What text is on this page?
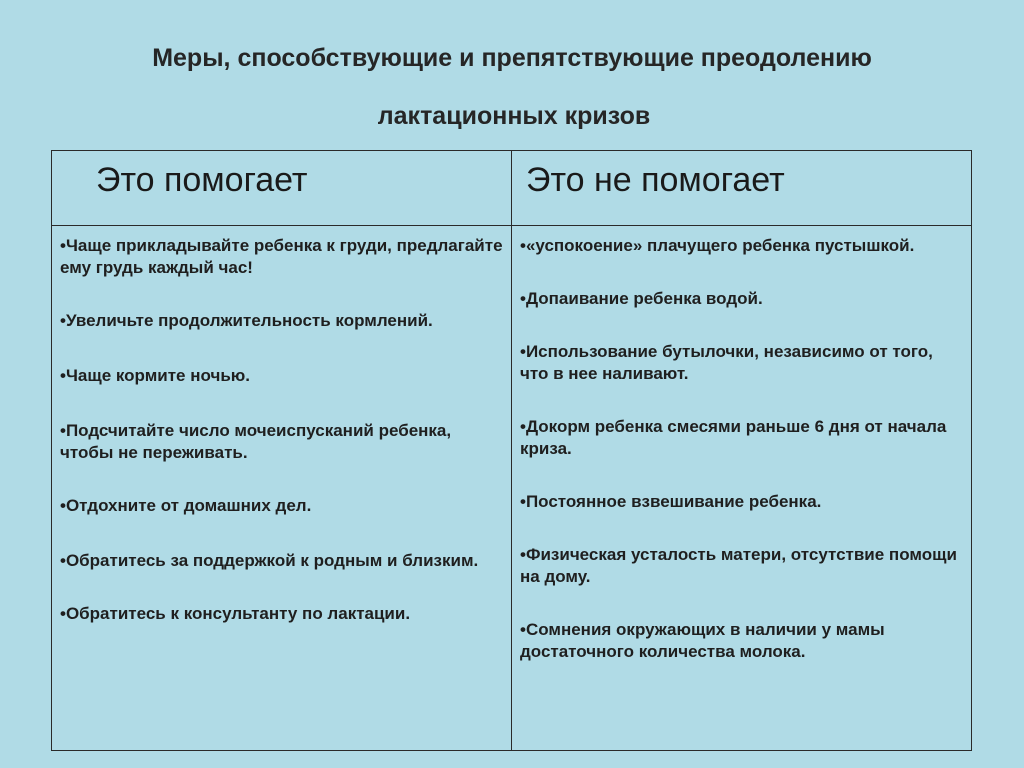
Меры, способствующие и препятствующие преодолению
лактационных кризов
Это помогает	Это не помогает
•Чаще прикладывайте ребенка к груди, предлагайте ему грудь каждый час!
•Увеличьте продолжительность кормлений.
•Чаще кормите ночью.
•Подсчитайте число мочеиспусканий ребенка, чтобы не переживать.
•Отдохните от домашних дел.
•Обратитесь за поддержкой к родным и близким.
•Обратитесь к консультанту по лактации.
•«успокоение» плачущего ребенка пустышкой.
•Допаивание ребенка водой.
•Использование бутылочки, независимо от того, что в нее наливают.
•Докорм ребенка смесями раньше 6 дня от начала криза.
•Постоянное взвешивание ребенка.
•Физическая усталость матери, отсутствие помощи на дому.
•Сомнения окружающих в наличии у мамы достаточного количества молока.
